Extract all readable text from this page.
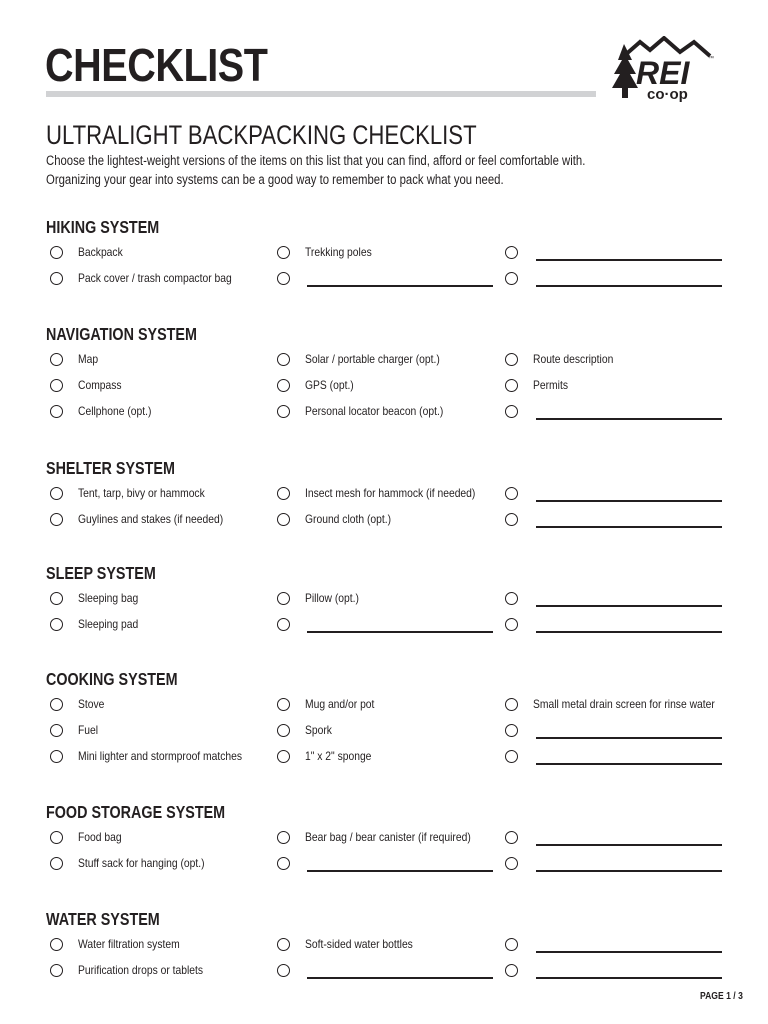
CHECKLIST	REI
co·op
™
ULTRALIGHT BACKPACKING CHECKLIST

Choose the lightest-weight versions of the items on this list that you can find, afford or feel comfortable with.

Organizing your gear into systems can be a good way to remember to pack what you need.

HIKING SYSTEM
Backpack	Trekking poles
Pack cover / trash compactor bag
NAVIGATION SYSTEM
Map	Solar / portable charger (opt.)	Route description
Compass	GPS (opt.)	Permits
Cellphone (opt.)	Personal locator beacon (opt.)
SHELTER SYSTEM
Tent, tarp, bivy or hammock	Insect mesh for hammock (if needed)
Guylines and stakes (if needed)	Ground cloth (opt.)
SLEEP SYSTEM
Sleeping bag	Pillow (opt.)
Sleeping pad
COOKING SYSTEM
Stove	Mug and/or pot	Small metal drain screen for rinse water
Fuel	Spork
Mini lighter and stormproof matches	1" x 2" sponge
FOOD STORAGE SYSTEM
Food bag	Bear bag / bear canister (if required)
Stuff sack for hanging (opt.)
WATER SYSTEM
Water filtration system	Soft-sided water bottles
Purification drops or tablets
PAGE 1 / 3
